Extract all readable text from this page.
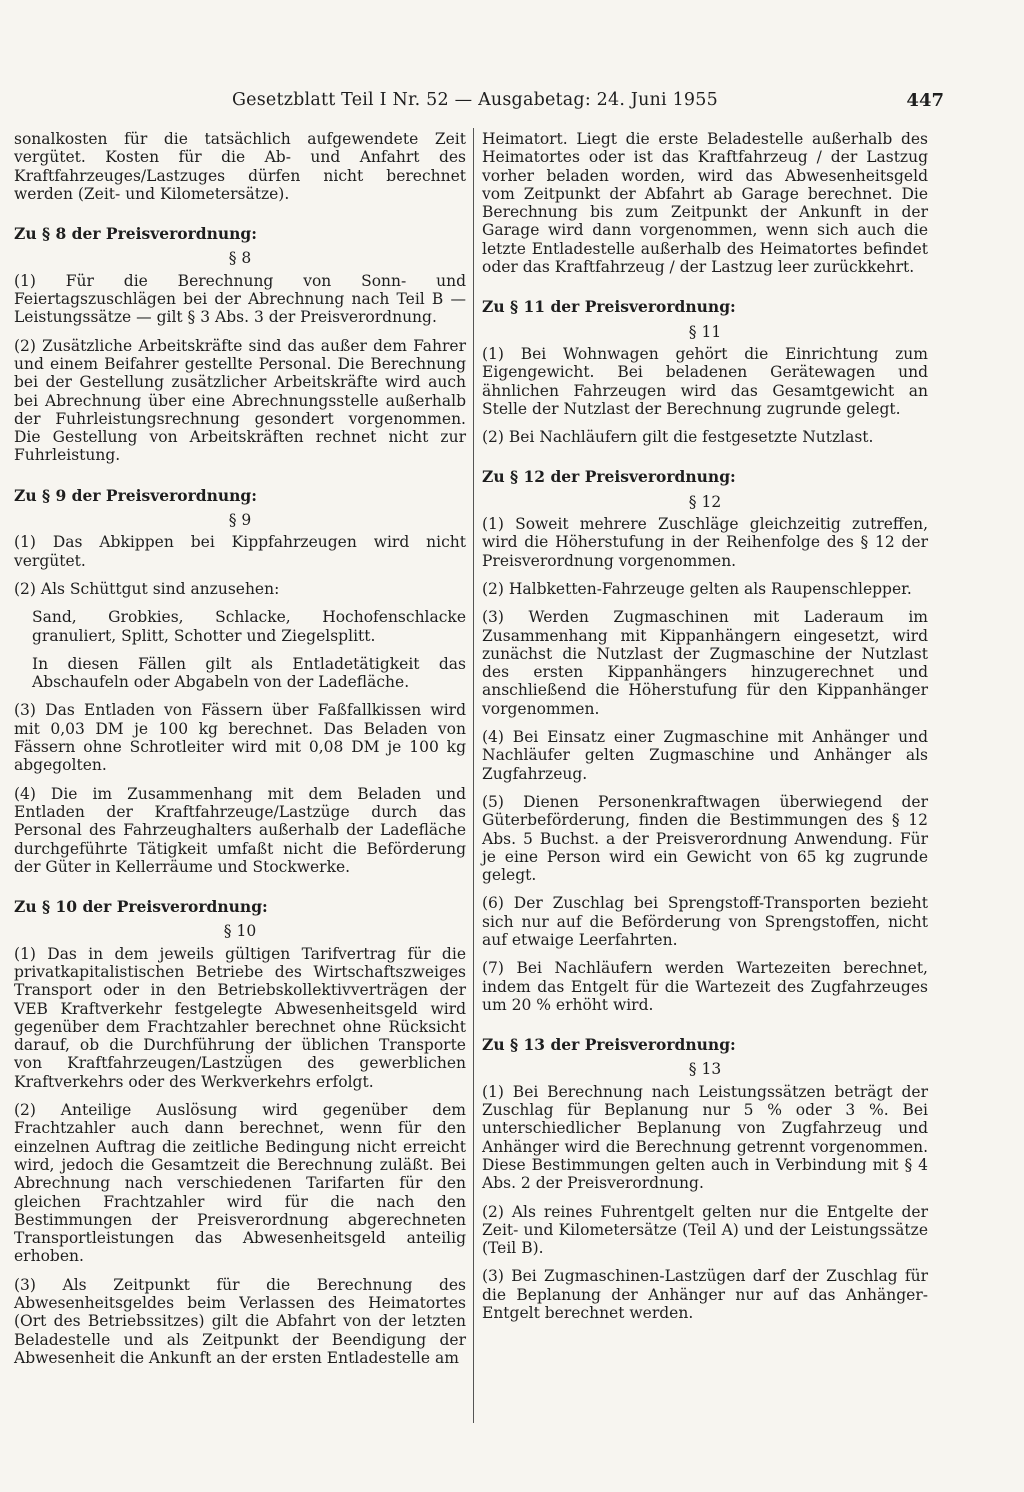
Gesetzblatt Teil I Nr. 52 — Ausgabetag: 24. Juni 1955	447

sonalkosten für die tatsächlich aufgewendete Zeit vergütet. Kosten für die Ab- und Anfahrt des Kraftfahrzeuges/Lastzuges dürfen nicht berechnet werden (Zeit- und Kilometersätze).

Zu § 8 der Preisverordnung:

§ 8

(1) Für die Berechnung von Sonn- und Feiertagszuschlägen bei der Abrechnung nach Teil B — Leistungssätze — gilt § 3 Abs. 3 der Preisverordnung.

(2) Zusätzliche Arbeitskräfte sind das außer dem Fahrer und einem Beifahrer gestellte Personal. Die Berechnung bei der Gestellung zusätzlicher Arbeitskräfte wird auch bei Abrechnung über eine Abrechnungsstelle außerhalb der Fuhrleistungsrechnung gesondert vorgenommen. Die Gestellung von Arbeitskräften rechnet nicht zur Fuhrleistung.

Zu § 9 der Preisverordnung:

§ 9

(1) Das Abkippen bei Kippfahrzeugen wird nicht vergütet.

(2) Als Schüttgut sind anzusehen:

Sand, Grobkies, Schlacke, Hochofenschlacke granuliert, Splitt, Schotter und Ziegelsplitt.

In diesen Fällen gilt als Entladetätigkeit das Abschaufeln oder Abgabeln von der Ladefläche.

(3) Das Entladen von Fässern über Faßfallkissen wird mit 0,03 DM je 100 kg berechnet. Das Beladen von Fässern ohne Schrotleiter wird mit 0,08 DM je 100 kg abgegolten.

(4) Die im Zusammenhang mit dem Beladen und Entladen der Kraftfahrzeuge/Lastzüge durch das Personal des Fahrzeughalters außerhalb der Ladefläche durchgeführte Tätigkeit umfaßt nicht die Beförderung der Güter in Kellerräume und Stockwerke.

Zu § 10 der Preisverordnung:

§ 10

(1) Das in dem jeweils gültigen Tarifvertrag für die privatkapitalistischen Betriebe des Wirtschaftszweiges Transport oder in den Betriebskollektivverträgen der VEB Kraftverkehr festgelegte Abwesenheitsgeld wird gegenüber dem Frachtzahler berechnet ohne Rücksicht darauf, ob die Durchführung der üblichen Transporte von Kraftfahrzeugen/Lastzügen des gewerblichen Kraftverkehrs oder des Werkverkehrs erfolgt.

(2) Anteilige Auslösung wird gegenüber dem Frachtzahler auch dann berechnet, wenn für den einzelnen Auftrag die zeitliche Bedingung nicht erreicht wird, jedoch die Gesamtzeit die Berechnung zuläßt. Bei Abrechnung nach verschiedenen Tarifarten für den gleichen Frachtzahler wird für die nach den Bestimmungen der Preisverordnung abgerechneten Transportleistungen das Abwesenheitsgeld anteilig erhoben.

(3) Als Zeitpunkt für die Berechnung des Abwesenheitsgeldes beim Verlassen des Heimatortes (Ort des Betriebssitzes) gilt die Abfahrt von der letzten Beladestelle und als Zeitpunkt der Beendigung der Abwesenheit die Ankunft an der ersten Entladestelle am

Heimatort. Liegt die erste Beladestelle außerhalb des Heimatortes oder ist das Kraftfahrzeug / der Lastzug vorher beladen worden, wird das Abwesenheitsgeld vom Zeitpunkt der Abfahrt ab Garage berechnet. Die Berechnung bis zum Zeitpunkt der Ankunft in der Garage wird dann vorgenommen, wenn sich auch die letzte Entladestelle außerhalb des Heimatortes befindet oder das Kraftfahrzeug / der Lastzug leer zurückkehrt.

Zu § 11 der Preisverordnung:

§ 11

(1) Bei Wohnwagen gehört die Einrichtung zum Eigengewicht. Bei beladenen Gerätewagen und ähnlichen Fahrzeugen wird das Gesamtgewicht an Stelle der Nutzlast der Berechnung zugrunde gelegt.

(2) Bei Nachläufern gilt die festgesetzte Nutzlast.

Zu § 12 der Preisverordnung:

§ 12

(1) Soweit mehrere Zuschläge gleichzeitig zutreffen, wird die Höherstufung in der Reihenfolge des § 12 der Preisverordnung vorgenommen.

(2) Halbketten-Fahrzeuge gelten als Raupenschlepper.

(3) Werden Zugmaschinen mit Laderaum im Zusammenhang mit Kippanhängern eingesetzt, wird zunächst die Nutzlast der Zugmaschine der Nutzlast des ersten Kippanhängers hinzugerechnet und anschließend die Höherstufung für den Kippanhänger vorgenommen.

(4) Bei Einsatz einer Zugmaschine mit Anhänger und Nachläufer gelten Zugmaschine und Anhänger als Zugfahrzeug.

(5) Dienen Personenkraftwagen überwiegend der Güterbeförderung, finden die Bestimmungen des § 12 Abs. 5 Buchst. a der Preisverordnung Anwendung. Für je eine Person wird ein Gewicht von 65 kg zugrunde gelegt.

(6) Der Zuschlag bei Sprengstoff-Transporten bezieht sich nur auf die Beförderung von Sprengstoffen, nicht auf etwaige Leerfahrten.

(7) Bei Nachläufern werden Wartezeiten berechnet, indem das Entgelt für die Wartezeit des Zugfahrzeuges um 20 % erhöht wird.

Zu § 13 der Preisverordnung:

§ 13

(1) Bei Berechnung nach Leistungssätzen beträgt der Zuschlag für Beplanung nur 5 % oder 3 %. Bei unterschiedlicher Beplanung von Zugfahrzeug und Anhänger wird die Berechnung getrennt vorgenommen. Diese Bestimmungen gelten auch in Verbindung mit § 4 Abs. 2 der Preisverordnung.

(2) Als reines Fuhrentgelt gelten nur die Entgelte der Zeit- und Kilometersätze (Teil A) und der Leistungssätze (Teil B).

(3) Bei Zugmaschinen-Lastzügen darf der Zuschlag für die Beplanung der Anhänger nur auf das Anhänger-Entgelt berechnet werden.
